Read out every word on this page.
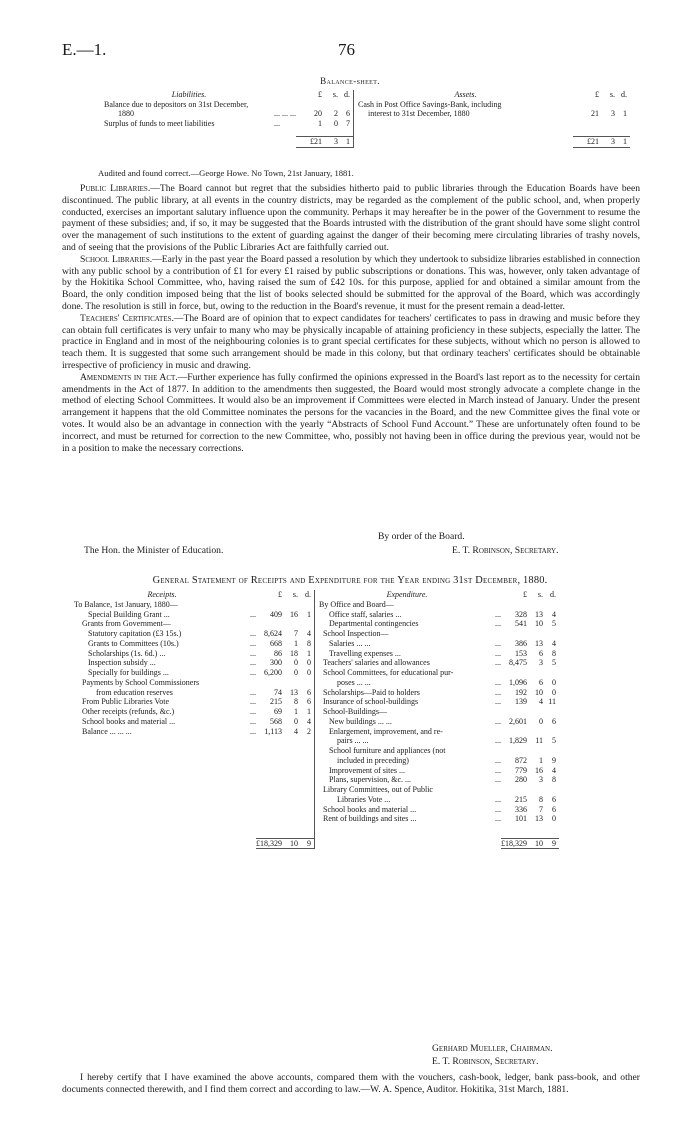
E.—1.	76
Balance-sheet.
Liabilities.		£	s.	d.	Assets.	£	s.	d.
Balance due to depositors on 31st December,					Cash in Post Office Savings-Bank, including			
1880	... ... ...	20	2	6	interest to 31st December, 1880	21	3	1
Surplus of funds to meet liabilities	...	1	0	7				

		£21	3	1		£21	3	1
Audited and found correct.—George Howe. No Town, 21st January, 1881.

Public Libraries.—The Board cannot but regret that the subsidies hitherto paid to public libraries through the Education Boards have been discontinued. The public library, at all events in the country districts, may be regarded as the complement of the public school, and, when properly conducted, exercises an important salutary influence upon the community. Perhaps it may hereafter be in the power of the Government to resume the payment of these subsidies; and, if so, it may be suggested that the Boards intrusted with the distribution of the grant should have some slight control over the management of such institutions to the extent of guarding against the danger of their becoming mere circulating libraries of trashy novels, and of seeing that the provisions of the Public Libraries Act are faithfully carried out.

School Libraries.—Early in the past year the Board passed a resolution by which they undertook to subsidize libraries established in connection with any public school by a contribution of £1 for every £1 raised by public subscriptions or donations. This was, however, only taken advantage of by the Hokitika School Committee, who, having raised the sum of £42 10s. for this purpose, applied for and obtained a similar amount from the Board, the only condition imposed being that the list of books selected should be submitted for the approval of the Board, which was accordingly done. The resolution is still in force, but, owing to the reduction in the Board's revenue, it must for the present remain a dead-letter.

Teachers' Certificates.—The Board are of opinion that to expect candidates for teachers' certificates to pass in drawing and music before they can obtain full certificates is very unfair to many who may be physically incapable of attaining proficiency in these subjects, especially the latter. The practice in England and in most of the neighbouring colonies is to grant special certificates for these subjects, without which no person is allowed to teach them. It is suggested that some such arrangement should be made in this colony, but that ordinary teachers' certificates should be obtainable irrespective of proficiency in music and drawing.

Amendments in the Act.—Further experience has fully confirmed the opinions expressed in the Board's last report as to the necessity for certain amendments in the Act of 1877. In addition to the amendments then suggested, the Board would most strongly advocate a complete change in the method of electing School Committees. It would also be an improvement if Committees were elected in March instead of January. Under the present arrangement it happens that the old Committee nominates the persons for the vacancies in the Board, and the new Committee gives the final vote or votes. It would also be an advantage in connection with the yearly “Abstracts of School Fund Account.” These are unfortunately often found to be incorrect, and must be returned for correction to the new Committee, who, possibly not having been in office during the previous year, would not be in a position to make the necessary corrections.

By order of the Board.
The Hon. the Minister of Education.	E. T. Robinson, Secretary.
General Statement of Receipts and Expenditure for the Year ending 31st December, 1880.
Receipts.		£	s.	d.	Expenditure.		£	s.	d.
To Balance, 1st January, 1880—					By Office and Board—				
Special Building Grant ...	...	409	16	1	Office staff, salaries ...	...	328	13	4
Grants from Government—					Departmental contingencies	...	541	10	5
Statutory capitation (£3 15s.)	...	8,624	7	4	School Inspection—				
Grants to Committees (10s.)	...	668	1	8	Salaries ... ...	...	386	13	4
Scholarships (1s. 6d.) ...	...	86	18	1	Travelling expenses ...	...	153	6	8
Inspection subsidy ...	...	300	0	0	Teachers' salaries and allowances	...	8,475	3	5
Specially for buildings ...	...	6,200	0	0	School Committees, for educational pur-				
Payments by School Commissioners					poses ... ...	...	1,096	6	0
from education reserves	...	74	13	6	Scholarships—Paid to holders	...	192	10	0
From Public Libraries Vote	...	215	8	6	Insurance of school-buildings	...	139	4	11
Other receipts (refunds, &c.)	...	69	1	1	School-Buildings—				
School books and material ...	...	568	0	4	New buildings ... ...	...	2,601	0	6
Balance ... ... ...	...	1,113	4	2	Enlargement, improvement, and re-				
					pairs ... ...	...	1,829	11	5
					School furniture and appliances (not				
					included in preceding)	...	872	1	9
					Improvement of sites ...	...	779	16	4
					Plans, supervision, &c. ...	...	280	3	8
					Library Committees, out of Public				
					Libraries Vote ...	...	215	8	6
					School books and material ...	...	336	7	6
					Rent of buildings and sites ...	...	101	13	0

		£18,329	10	9			£18,329	10	9
Gerhard Mueller, Chairman.
E. T. Robinson, Secretary.

I hereby certify that I have examined the above accounts, compared them with the vouchers, cash-book, ledger, bank pass-book, and other documents connected therewith, and I find them correct and according to law.—W. A. Spence, Auditor. Hokitika, 31st March, 1881.
